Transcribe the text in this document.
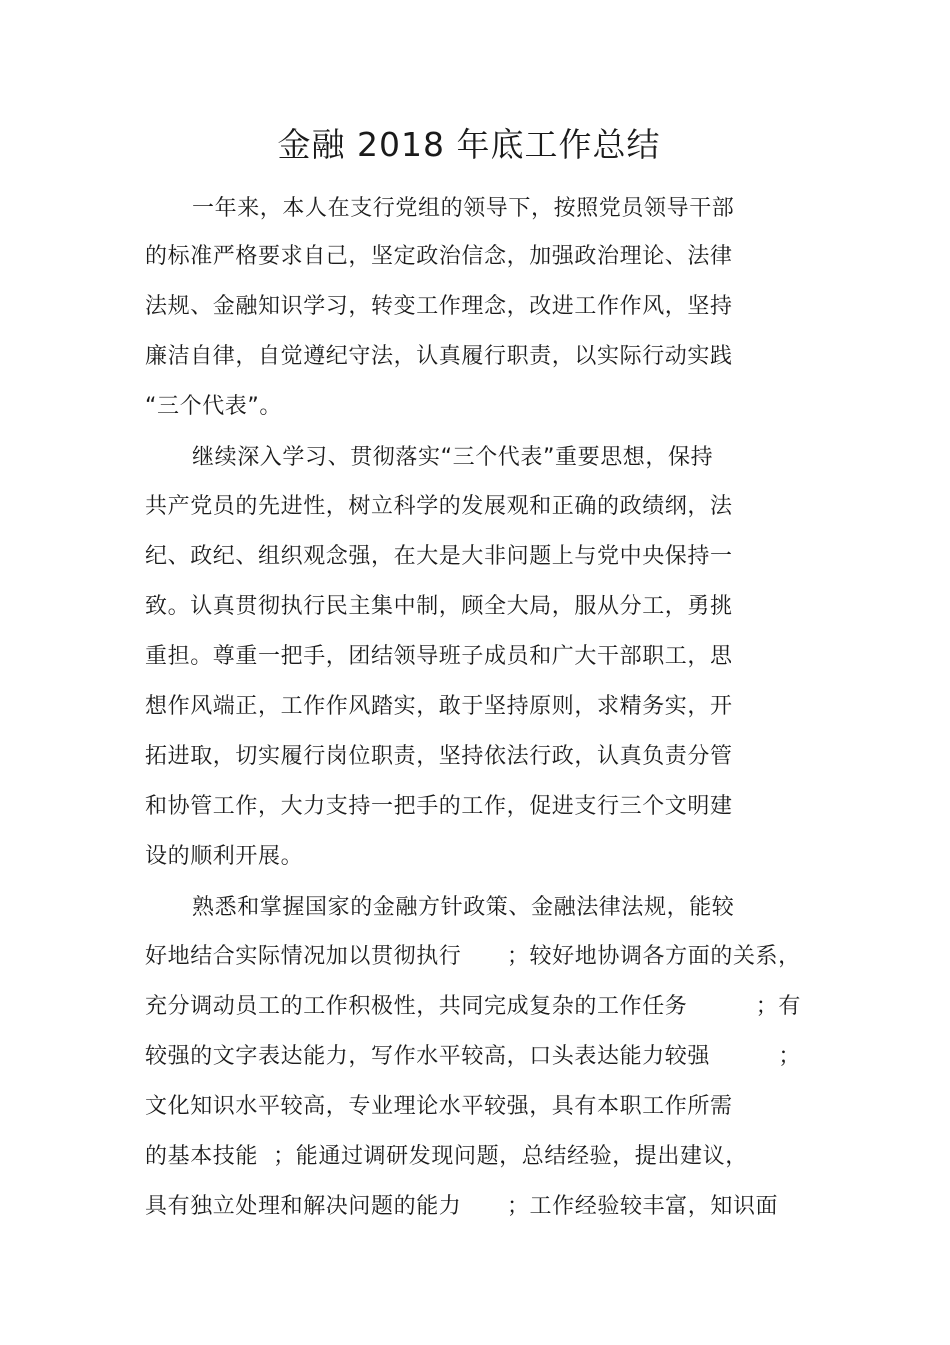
金融 2018 年底工作总结
一年来，本人在支行党组的领导下，按照党员领导干部
的标准严格要求自己，坚定政治信念，加强政治理论、法律
法规、金融知识学习，转变工作理念，改进工作作风，坚持
廉洁自律，自觉遵纪守法，认真履行职责，以实际行动实践
“三个代表”。
继续深入学习、贯彻落实“三个代表”重要思想，保持
共产党员的先进性，树立科学的发展观和正确的政绩纲，法
纪、政纪、组织观念强，在大是大非问题上与党中央保持一
致。认真贯彻执行民主集中制，顾全大局，服从分工，勇挑
重担。尊重一把手，团结领导班子成员和广大干部职工，思
想作风端正，工作作风踏实，敢于坚持原则，求精务实，开
拓进取，切实履行岗位职责，坚持依法行政，认真负责分管
和协管工作，大力支持一把手的工作，促进支行三个文明建
设的顺利开展。
熟悉和掌握国家的金融方针政策、金融法律法规，能较
好地结合实际情况加以贯彻执行      ；较好地协调各方面的关系，
充分调动员工的工作积极性，共同完成复杂的工作任务         ；有
较强的文字表达能力，写作水平较高，口头表达能力较强         ；
文化知识水平较高，专业理论水平较强，具有本职工作所需
的基本技能  ；能通过调研发现问题，总结经验，提出建议，
具有独立处理和解决问题的能力      ；工作经验较丰富，知识面
